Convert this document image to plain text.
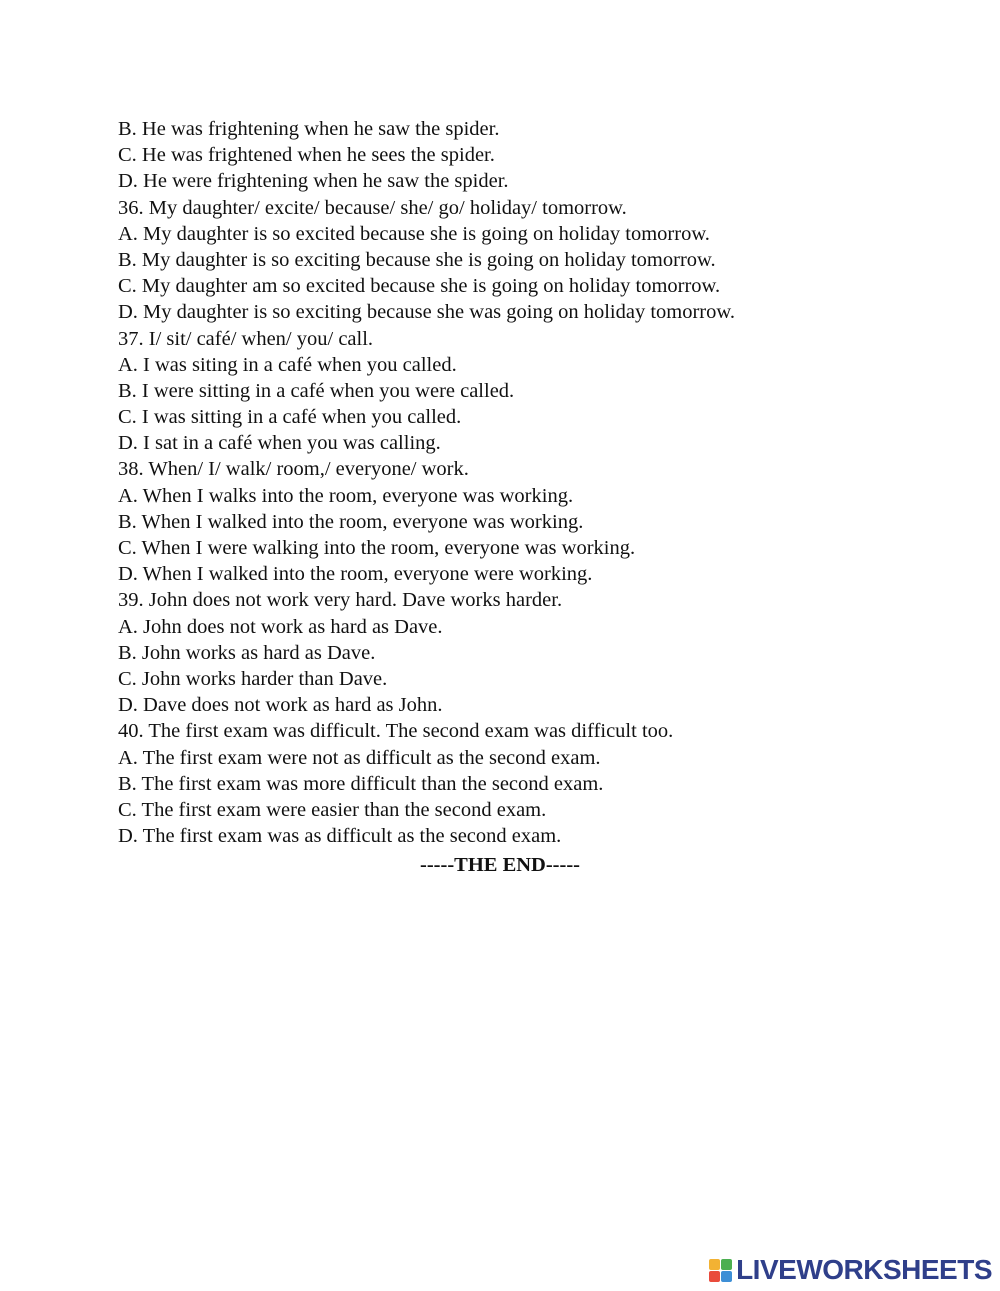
B. He was frightening when he saw the spider.
C. He was frightened when he sees the spider.
D. He were frightening when he saw the spider.
36. My daughter/ excite/ because/ she/ go/ holiday/ tomorrow.
A. My daughter is so excited because she is going on holiday tomorrow.
B. My daughter is so exciting because she is going on holiday tomorrow.
C. My daughter am so excited because she is going on holiday tomorrow.
D. My daughter is so exciting because she was going on holiday tomorrow.
37. I/ sit/ café/ when/ you/ call.
A. I was siting in a café when you called.
B. I were sitting in a café when you were called.
C. I was sitting in a café when you called.
D. I sat in a café when you was calling.
38. When/ I/ walk/ room,/ everyone/ work.
A. When I walks into the room, everyone was working.
B. When I walked into the room, everyone was working.
C. When I were walking into the room, everyone was working.
D. When I walked into the room, everyone were working.
39. John does not work very hard. Dave works harder.
A. John does not work as hard as Dave.
B. John works as hard as Dave.
C. John works harder than Dave.
D. Dave does not work as hard as John.
40. The first exam was difficult. The second exam was difficult too.
A. The first exam were not as difficult as the second exam.
B. The first exam was more difficult than the second exam.
C. The first exam were easier than the second exam.
D. The first exam was as difficult as the second exam.
-----THE END-----
LIVEWORKSHEETS
